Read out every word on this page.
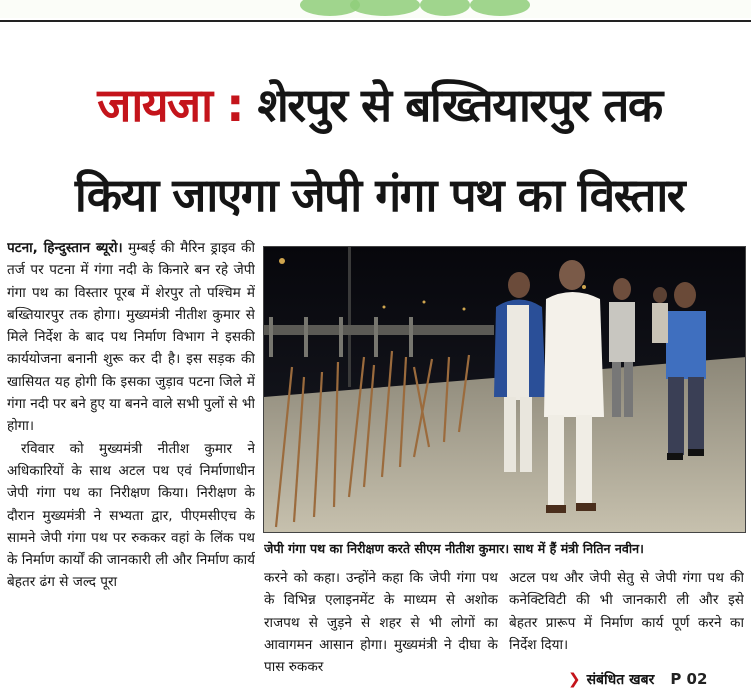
जायजा : शेरपुर से बख्तियारपुर तक
किया जाएगा जेपी गंगा पथ का विस्तार

पटना, हिन्दुस्तान ब्यूरो। मुम्बई की मैरिन ड्राइव की तर्ज पर पटना में गंगा नदी के किनारे बन रहे जेपी गंगा पथ का विस्तार पूरब में शेरपुर तो पश्चिम में बख्तियारपुर तक होगा। मुख्यमंत्री नीतीश कुमार से मिले निर्देश के बाद पथ निर्माण विभाग ने इसकी कार्ययोजना बनानी शुरू कर दी है। इस सड़क की खासियत यह होगी कि इसका जुड़ाव पटना जिले में गंगा नदी पर बने हुए या बनने वाले सभी पुलों से भी होगा।

रविवार को मुख्यमंत्री नीतीश कुमार ने अधिकारियों के साथ अटल पथ एवं निर्माणाधीन जेपी गंगा पथ का निरीक्षण किया। निरीक्षण के दौरान मुख्यमंत्री ने सभ्यता द्वार, पीएमसीएच के सामने जेपी गंगा पथ पर रुककर वहां के लिंक पथ के निर्माण कार्यों की जानकारी ली और निर्माण कार्य बेहतर ढंग से जल्द पूरा

जेपी गंगा पथ का निरीक्षण करते सीएम नीतीश कुमार। साथ में हैं मंत्री नितिन नवीन।
करने को कहा। उन्होंने कहा कि जेपी गंगा पथ के विभिन्न एलाइनमेंट के माध्यम से अशोक राजपथ से जुड़ने से शहर से भी लोगों का आवागमन आसान होगा। मुख्यमंत्री ने दीघा के पास रुककर
अटल पथ और जेपी सेतु से जेपी गंगा पथ की कनेक्टिविटी की भी जानकारी ली और इसे बेहतर प्रारूप में निर्माण कार्य पूर्ण करने का निर्देश दिया।
❯ संबंधित खबर P 02
